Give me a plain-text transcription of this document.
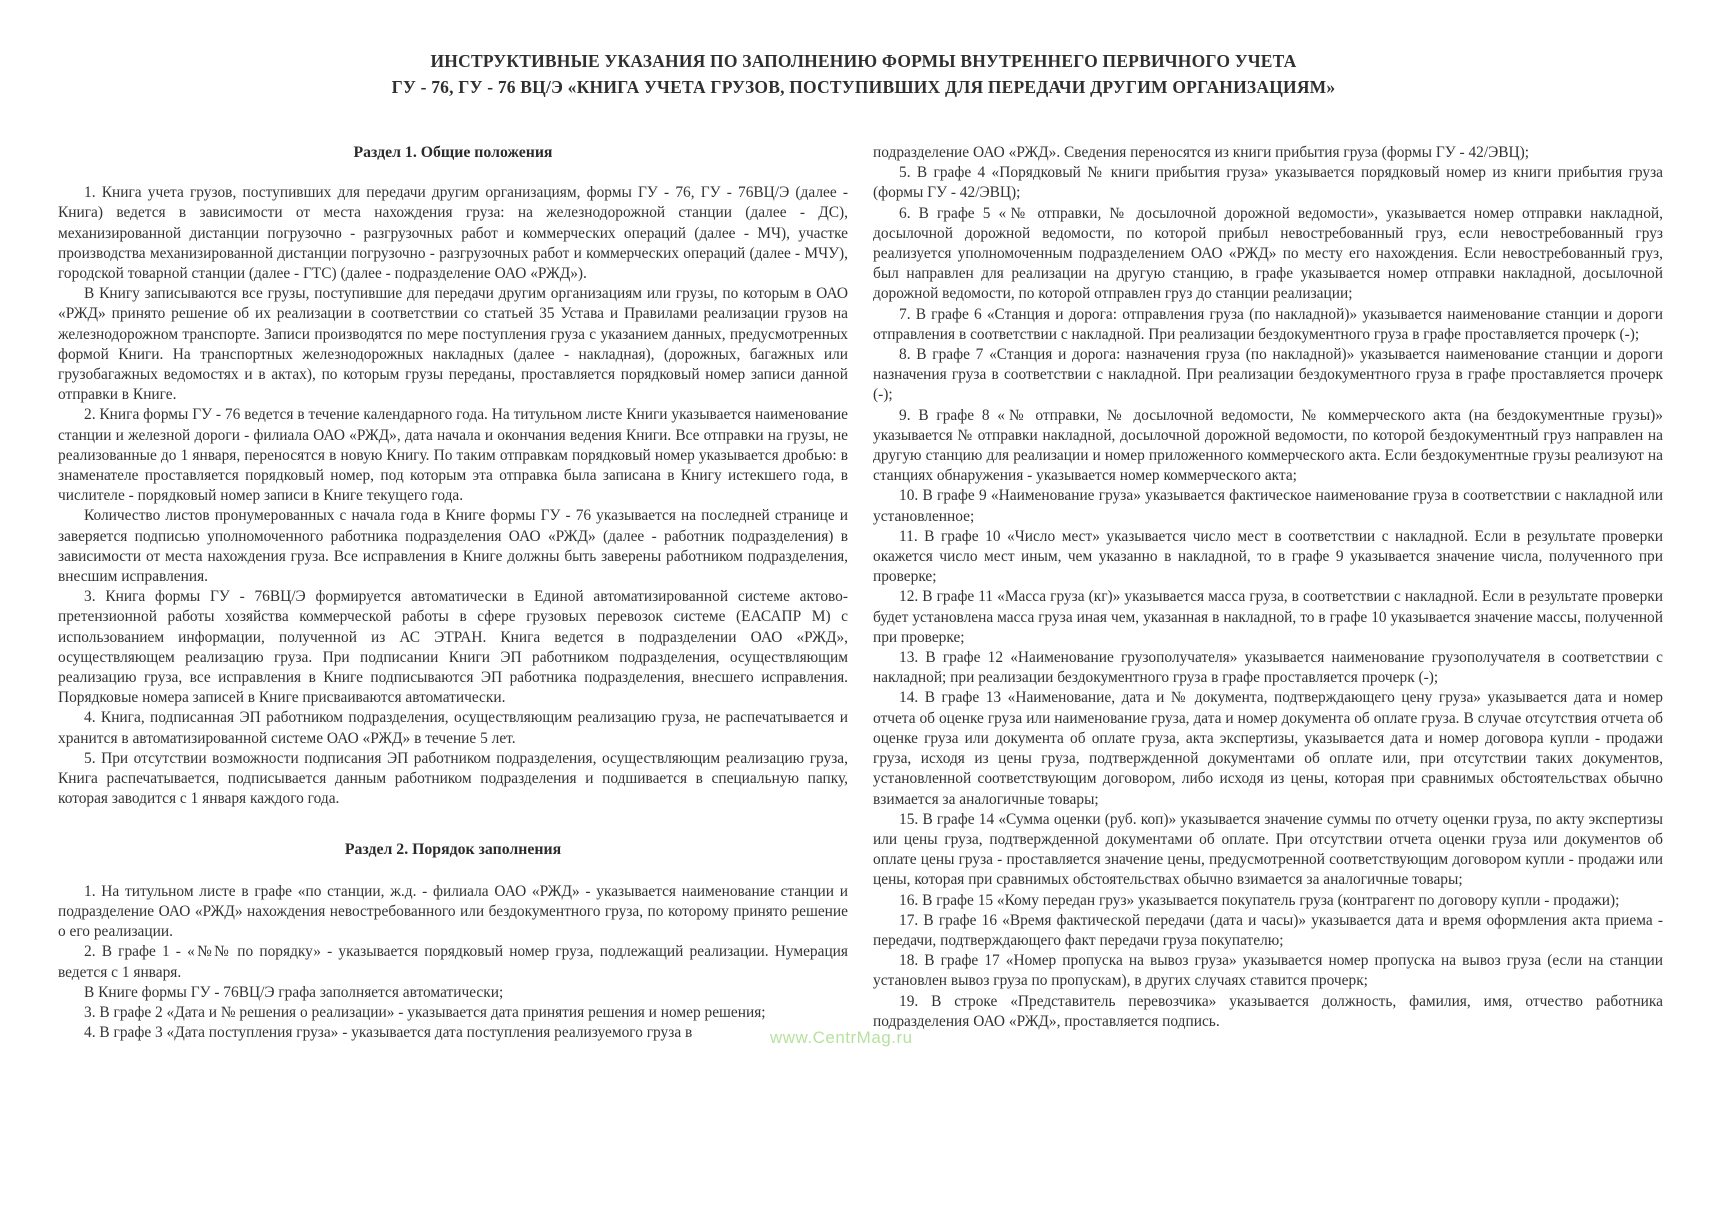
ИНСТРУКТИВНЫЕ УКАЗАНИЯ ПО ЗАПОЛНЕНИЮ ФОРМЫ ВНУТРЕННЕГО ПЕРВИЧНОГО УЧЕТА
ГУ - 76, ГУ - 76 ВЦ/Э «КНИГА УЧЕТА ГРУЗОВ, ПОСТУПИВШИХ ДЛЯ ПЕРЕДАЧИ ДРУГИМ ОРГАНИЗАЦИЯМ»
Раздел 1. Общие положения

1. Книга учета грузов, поступивших для передачи другим организациям, формы ГУ - 76, ГУ - 76ВЦ/Э (далее - Книга) ведется в зависимости от места нахождения груза: на железнодорожной станции (далее - ДС), механизированной дистанции погрузочно - разгрузочных работ и коммерческих операций (далее - МЧ), участке производства механизированной дистанции погрузочно - разгрузочных работ и коммерческих операций (далее - МЧУ), городской товарной станции (далее - ГТС) (далее - подразделение ОАО «РЖД»).

В Книгу записываются все грузы, поступившие для передачи другим организациям или грузы, по которым в ОАО «РЖД» принято решение об их реализации в соответствии со статьей 35 Устава и Правилами реализации грузов на железнодорожном транспорте. Записи производятся по мере поступления груза с указанием данных, предусмотренных формой Книги. На транспортных железнодорожных накладных (далее - накладная), (дорожных, багажных или грузобагажных ведомостях и в актах), по которым грузы переданы, проставляется порядковый номер записи данной отправки в Книге.

2. Книга формы ГУ - 76 ведется в течение календарного года. На титульном листе Книги указывается наименование станции и железной дороги - филиала ОАО «РЖД», дата начала и окончания ведения Книги. Все отправки на грузы, не реализованные до 1 января, переносятся в новую Книгу. По таким отправкам порядковый номер указывается дробью: в знаменателе проставляется порядковый номер, под которым эта отправка была записана в Книгу истекшего года, в числителе - порядковый номер записи в Книге текущего года.

Количество листов пронумерованных с начала года в Книге формы ГУ - 76 указывается на последней странице и заверяется подписью уполномоченного работника подразделения ОАО «РЖД» (далее - работник подразделения) в зависимости от места нахождения груза. Все исправления в Книге должны быть заверены работником подразделения, внесшим исправления.

3. Книга формы ГУ - 76ВЦ/Э формируется автоматически в Единой автоматизированной системе актово-претензионной работы хозяйства коммерческой работы в сфере грузовых перевозок системе (ЕАСАПР М) с использованием информации, полученной из АС ЭТРАН. Книга ведется в подразделении ОАО «РЖД», осуществляющем реализацию груза. При подписании Книги ЭП работником подразделения, осуществляющим реализацию груза, все исправления в Книге подписываются ЭП работника подразделения, внесшего исправления. Порядковые номера записей в Книге присваиваются автоматически.

4. Книга, подписанная ЭП работником подразделения, осуществляющим реализацию груза, не распечатывается и хранится в автоматизированной системе ОАО «РЖД» в течение 5 лет.

5. При отсутствии возможности подписания ЭП работником подразделения, осуществляющим реализацию груза, Книга распечатывается, подписывается данным работником подразделения и подшивается в специальную папку, которая заводится с 1 января каждого года.

Раздел 2. Порядок заполнения

1. На титульном листе в графе «по станции, ж.д. - филиала ОАО «РЖД» - указывается наименование станции и подразделение ОАО «РЖД» нахождения невостребованного или бездокументного груза, по которому принято решение о его реализации.

2. В графе 1 - «№№ по порядку» - указывается порядковый номер груза, подлежащий реализации. Нумерация ведется с 1 января.

В Книге формы ГУ - 76ВЦ/Э графа заполняется автоматически;

3. В графе 2 «Дата и № решения о реализации» - указывается дата принятия решения и номер решения;

4. В графе 3 «Дата поступления груза» - указывается дата поступления реализуемого груза в

подразделение ОАО «РЖД». Сведения переносятся из книги прибытия груза (формы ГУ - 42/ЭВЦ);

5. В графе 4 «Порядковый № книги прибытия груза» указывается порядковый номер из книги прибытия груза (формы ГУ - 42/ЭВЦ);

6. В графе 5 «№ отправки, № досылочной дорожной ведомости», указывается номер отправки накладной, досылочной дорожной ведомости, по которой прибыл невостребованный груз, если невостребованный груз реализуется уполномоченным подразделением ОАО «РЖД» по месту его нахождения. Если невостребованный груз, был направлен для реализации на другую станцию, в графе указывается номер отправки накладной, досылочной дорожной ведомости, по которой отправлен груз до станции реализации;

7. В графе 6 «Станция и дорога: отправления груза (по накладной)» указывается наименование станции и дороги отправления в соответствии с накладной. При реализации бездокументного груза в графе проставляется прочерк (-);

8. В графе 7 «Станция и дорога: назначения груза (по накладной)» указывается наименование станции и дороги назначения груза в соответствии с накладной. При реализации бездокументного груза в графе проставляется прочерк (-);

9. В графе 8 «№ отправки, № досылочной ведомости, № коммерческого акта (на бездокументные грузы)» указывается № отправки накладной, досылочной дорожной ведомости, по которой бездокументный груз направлен на другую станцию для реализации и номер приложенного коммерческого акта. Если бездокументные грузы реализуют на станциях обнаружения - указывается номер коммерческого акта;

10. В графе 9 «Наименование груза» указывается фактическое наименование груза в соответствии с накладной или установленное;

11. В графе 10 «Число мест» указывается число мест в соответствии с накладной. Если в результате проверки окажется число мест иным, чем указанно в накладной, то в графе 9 указывается значение числа, полученного при проверке;

12. В графе 11 «Масса груза (кг)» указывается масса груза, в соответствии с накладной. Если в результате проверки будет установлена масса груза иная чем, указанная в накладной, то в графе 10 указывается значение массы, полученной при проверке;

13. В графе 12 «Наименование грузополучателя» указывается наименование грузополучателя в соответствии с накладной; при реализации бездокументного груза в графе проставляется прочерк (-);

14. В графе 13 «Наименование, дата и № документа, подтверждающего цену груза» указывается дата и номер отчета об оценке груза или наименование груза, дата и номер документа об оплате груза. В случае отсутствия отчета об оценке груза или документа об оплате груза, акта экспертизы, указывается дата и номер договора купли - продажи груза, исходя из цены груза, подтвержденной документами об оплате или, при отсутствии таких документов, установленной соответствующим договором, либо исходя из цены, которая при сравнимых обстоятельствах обычно взимается за аналогичные товары;

15. В графе 14 «Сумма оценки (руб. коп)» указывается значение суммы по отчету оценки груза, по акту экспертизы или цены груза, подтвержденной документами об оплате. При отсутствии отчета оценки груза или документов об оплате цены груза - проставляется значение цены, предусмотренной соответствующим договором купли - продажи или цены, которая при сравнимых обстоятельствах обычно взимается за аналогичные товары;

16. В графе 15 «Кому передан груз» указывается покупатель груза (контрагент по договору купли - продажи);

17. В графе 16 «Время фактической передачи (дата и часы)» указывается дата и время оформления акта приема - передачи, подтверждающего факт передачи груза покупателю;

18. В графе 17 «Номер пропуска на вывоз груза» указывается номер пропуска на вывоз груза (если на станции установлен вывоз груза по пропускам), в других случаях ставится прочерк;

19. В строке «Представитель перевозчика» указывается должность, фамилия, имя, отчество работника подразделения ОАО «РЖД», проставляется подпись.

www.CentrMag.ru
